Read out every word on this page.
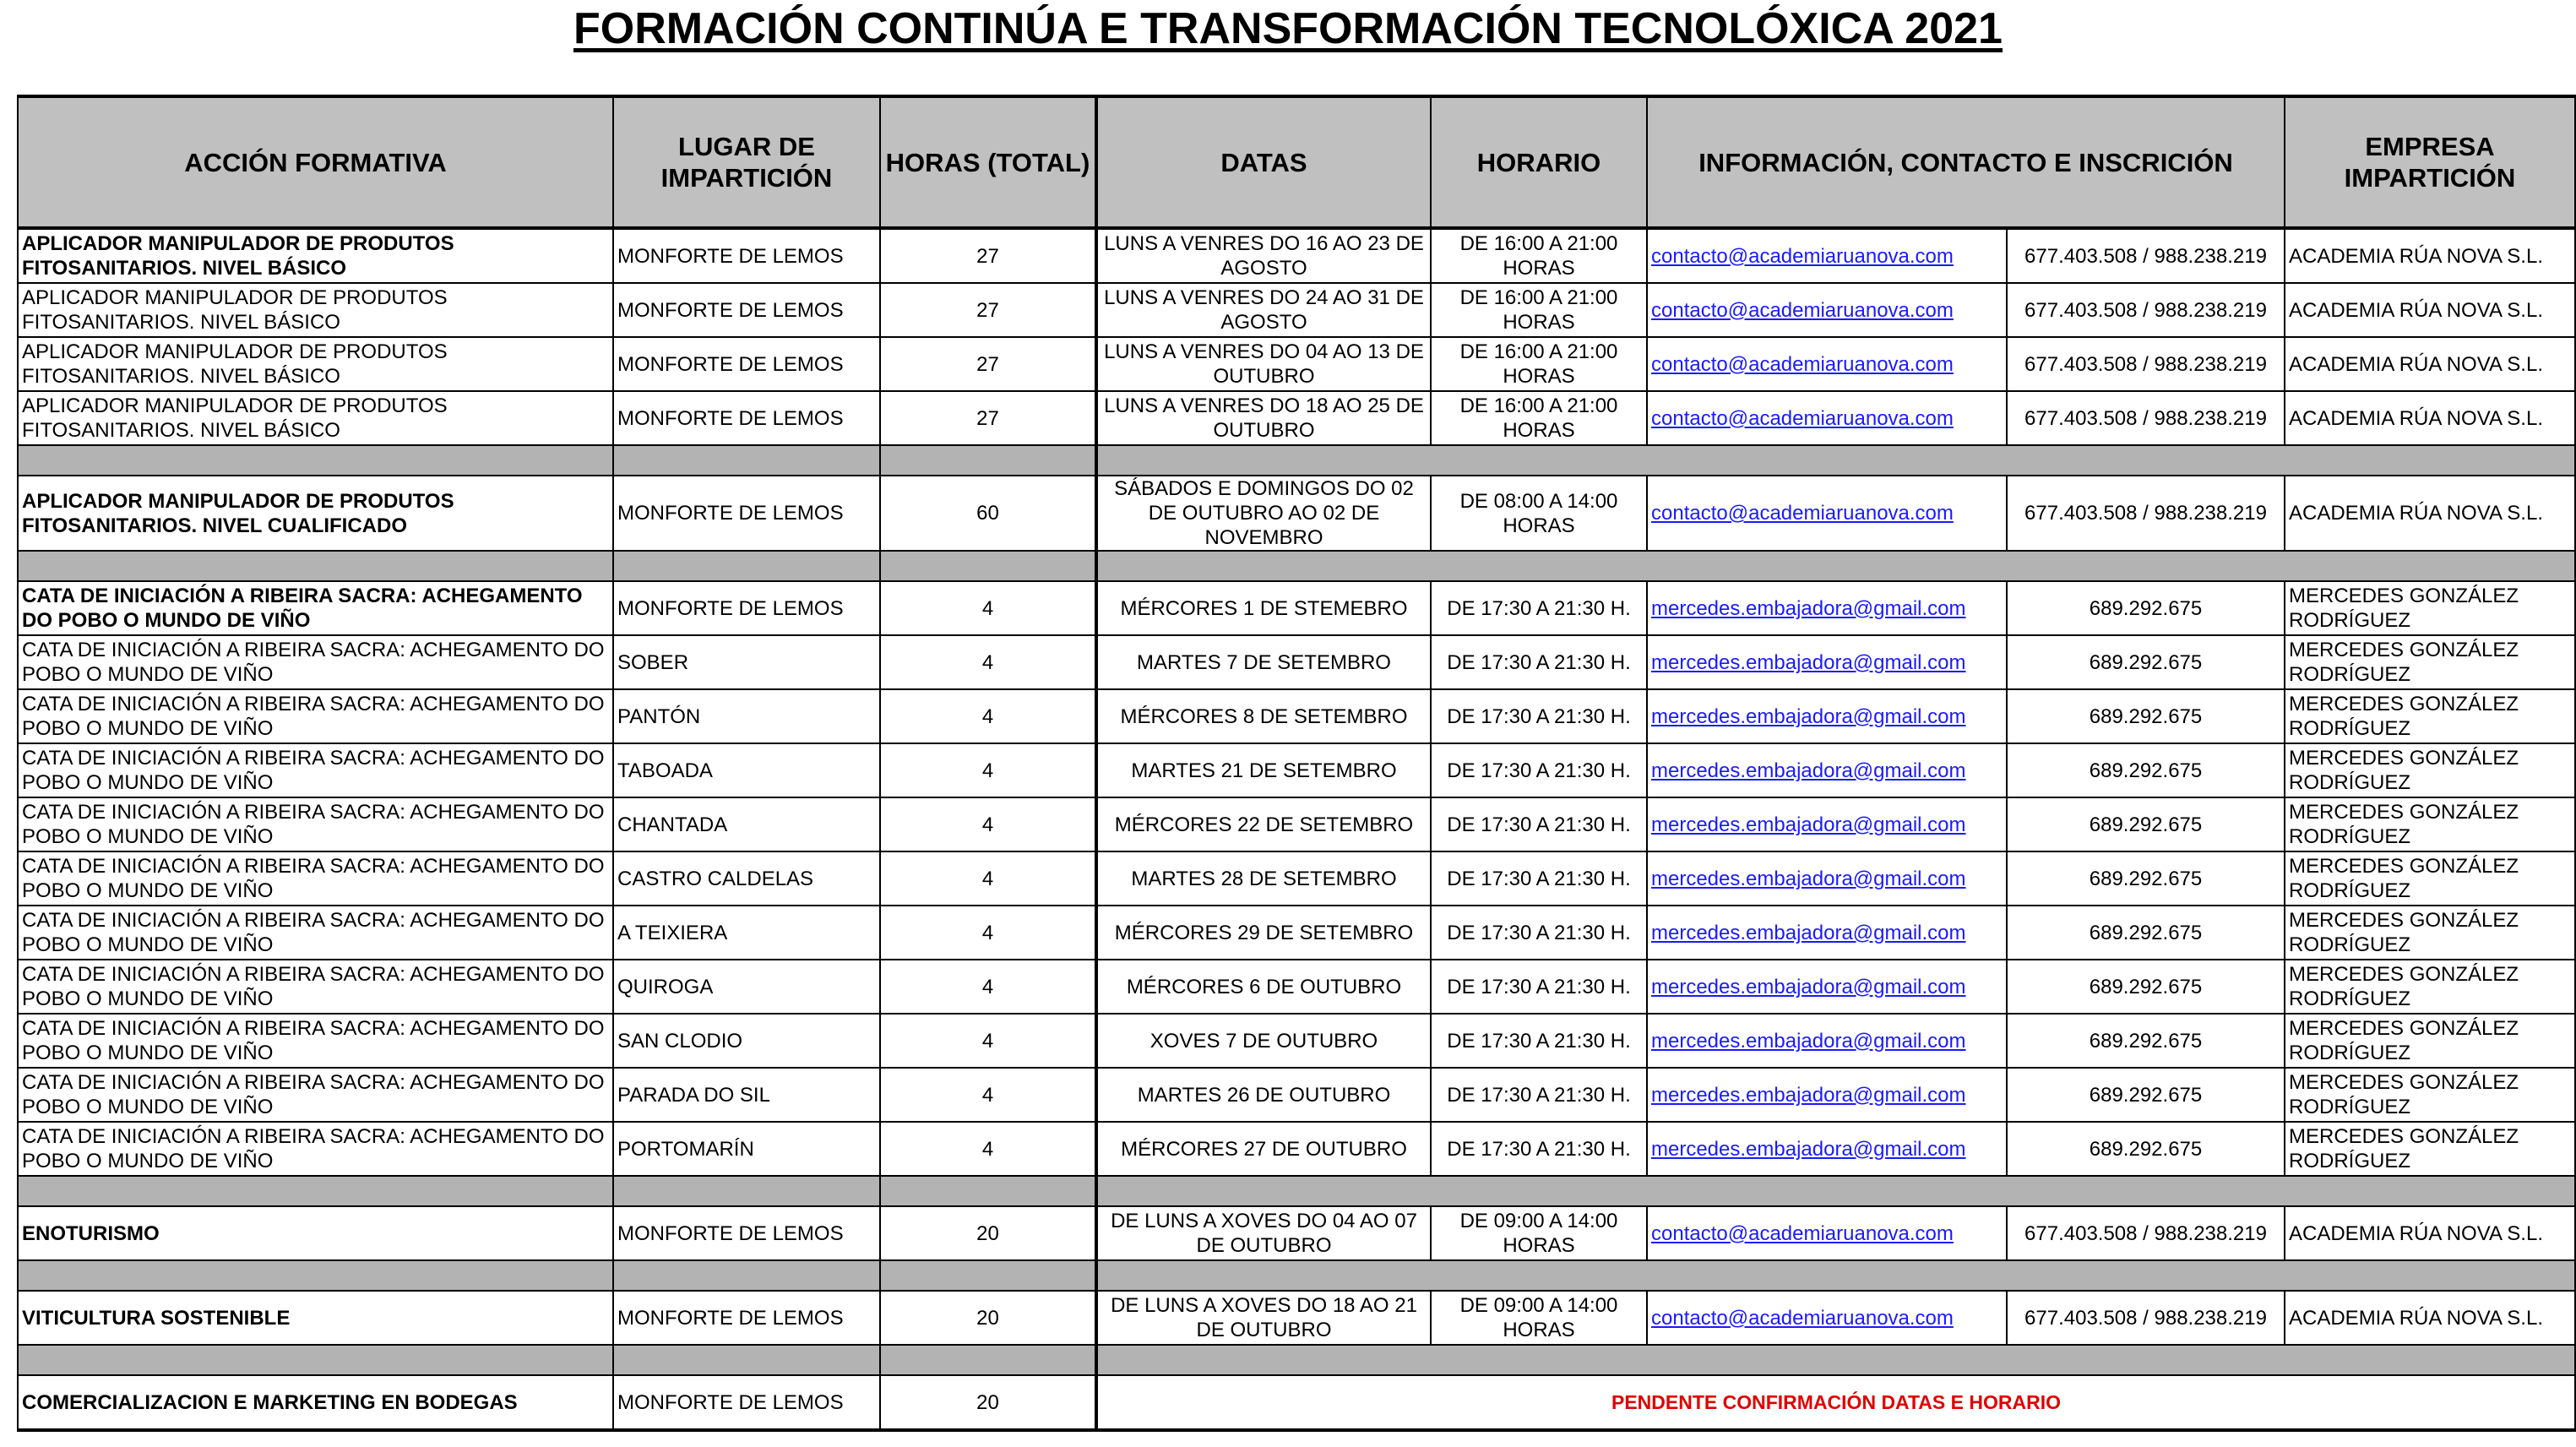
FORMACIÓN CONTINÚA E TRANSFORMACIÓN TECNOLÓXICA 2021
ACCIÓN FORMATIVA	LUGAR DE IMPARTICIÓN	HORAS (TOTAL)	DATAS	HORARIO	INFORMACIÓN, CONTACTO E INSCRICIÓN		EMPRESA IMPARTICIÓN
APLICADOR MANIPULADOR DE PRODUTOS FITOSANITARIOS. NIVEL BÁSICO	MONFORTE DE LEMOS	27	LUNS A VENRES DO 16 AO 23 DE AGOSTO	DE 16:00 A 21:00 HORAS	contacto@academiaruanova.com	677.403.508 / 988.238.219	ACADEMIA RÚA NOVA S.L.
APLICADOR MANIPULADOR DE PRODUTOS FITOSANITARIOS. NIVEL BÁSICO	MONFORTE DE LEMOS	27	LUNS A VENRES DO 24 AO 31 DE AGOSTO	DE 16:00 A 21:00 HORAS	contacto@academiaruanova.com	677.403.508 / 988.238.219	ACADEMIA RÚA NOVA S.L.
APLICADOR MANIPULADOR DE PRODUTOS FITOSANITARIOS. NIVEL BÁSICO	MONFORTE DE LEMOS	27	LUNS A VENRES DO 04 AO 13 DE OUTUBRO	DE 16:00 A 21:00 HORAS	contacto@academiaruanova.com	677.403.508 / 988.238.219	ACADEMIA RÚA NOVA S.L.
APLICADOR MANIPULADOR DE PRODUTOS FITOSANITARIOS. NIVEL BÁSICO	MONFORTE DE LEMOS	27	LUNS A VENRES DO 18 AO 25 DE OUTUBRO	DE 16:00 A 21:00 HORAS	contacto@academiaruanova.com	677.403.508 / 988.238.219	ACADEMIA RÚA NOVA S.L.

APLICADOR MANIPULADOR DE PRODUTOS FITOSANITARIOS. NIVEL CUALIFICADO	MONFORTE DE LEMOS	60	SÁBADOS E DOMINGOS DO 02 DE OUTUBRO AO 02 DE NOVEMBRO	DE 08:00 A 14:00 HORAS	contacto@academiaruanova.com	677.403.508 / 988.238.219	ACADEMIA RÚA NOVA S.L.

CATA DE INICIACIÓN A RIBEIRA SACRA: ACHEGAMENTO DO POBO O MUNDO DE VIÑO	MONFORTE DE LEMOS	4	MÉRCORES 1 DE STEMEBRO	DE 17:30 A 21:30 H.	mercedes.embajadora@gmail.com	689.292.675	MERCEDES GONZÁLEZ RODRÍGUEZ
CATA DE INICIACIÓN A RIBEIRA SACRA: ACHEGAMENTO DO POBO O MUNDO DE VIÑO	SOBER	4	MARTES 7 DE SETEMBRO	DE 17:30 A 21:30 H.	mercedes.embajadora@gmail.com	689.292.675	MERCEDES GONZÁLEZ RODRÍGUEZ
CATA DE INICIACIÓN A RIBEIRA SACRA: ACHEGAMENTO DO POBO O MUNDO DE VIÑO	PANTÓN	4	MÉRCORES 8 DE SETEMBRO	DE 17:30 A 21:30 H.	mercedes.embajadora@gmail.com	689.292.675	MERCEDES GONZÁLEZ RODRÍGUEZ
CATA DE INICIACIÓN A RIBEIRA SACRA: ACHEGAMENTO DO POBO O MUNDO DE VIÑO	TABOADA	4	MARTES 21 DE SETEMBRO	DE 17:30 A 21:30 H.	mercedes.embajadora@gmail.com	689.292.675	MERCEDES GONZÁLEZ RODRÍGUEZ
CATA DE INICIACIÓN A RIBEIRA SACRA: ACHEGAMENTO DO POBO O MUNDO DE VIÑO	CHANTADA	4	MÉRCORES 22 DE SETEMBRO	DE 17:30 A 21:30 H.	mercedes.embajadora@gmail.com	689.292.675	MERCEDES GONZÁLEZ RODRÍGUEZ
CATA DE INICIACIÓN A RIBEIRA SACRA: ACHEGAMENTO DO POBO O MUNDO DE VIÑO	CASTRO CALDELAS	4	MARTES 28 DE SETEMBRO	DE 17:30 A 21:30 H.	mercedes.embajadora@gmail.com	689.292.675	MERCEDES GONZÁLEZ RODRÍGUEZ
CATA DE INICIACIÓN A RIBEIRA SACRA: ACHEGAMENTO DO POBO O MUNDO DE VIÑO	A TEIXIERA	4	MÉRCORES 29 DE SETEMBRO	DE 17:30 A 21:30 H.	mercedes.embajadora@gmail.com	689.292.675	MERCEDES GONZÁLEZ RODRÍGUEZ
CATA DE INICIACIÓN A RIBEIRA SACRA: ACHEGAMENTO DO POBO O MUNDO DE VIÑO	QUIROGA	4	MÉRCORES 6 DE OUTUBRO	DE 17:30 A 21:30 H.	mercedes.embajadora@gmail.com	689.292.675	MERCEDES GONZÁLEZ RODRÍGUEZ
CATA DE INICIACIÓN A RIBEIRA SACRA: ACHEGAMENTO DO POBO O MUNDO DE VIÑO	SAN CLODIO	4	XOVES 7 DE OUTUBRO	DE 17:30 A 21:30 H.	mercedes.embajadora@gmail.com	689.292.675	MERCEDES GONZÁLEZ RODRÍGUEZ
CATA DE INICIACIÓN A RIBEIRA SACRA: ACHEGAMENTO DO POBO O MUNDO DE VIÑO	PARADA DO SIL	4	MARTES 26 DE OUTUBRO	DE 17:30 A 21:30 H.	mercedes.embajadora@gmail.com	689.292.675	MERCEDES GONZÁLEZ RODRÍGUEZ
CATA DE INICIACIÓN A RIBEIRA SACRA: ACHEGAMENTO DO POBO O MUNDO DE VIÑO	PORTOMARÍN	4	MÉRCORES 27 DE OUTUBRO	DE 17:30 A 21:30 H.	mercedes.embajadora@gmail.com	689.292.675	MERCEDES GONZÁLEZ RODRÍGUEZ

ENOTURISMO	MONFORTE DE LEMOS	20	DE LUNS A XOVES DO 04 AO 07 DE OUTUBRO	DE 09:00 A 14:00 HORAS	contacto@academiaruanova.com	677.403.508 / 988.238.219	ACADEMIA RÚA NOVA S.L.

VITICULTURA SOSTENIBLE	MONFORTE DE LEMOS	20	DE LUNS A XOVES DO 18 AO 21 DE OUTUBRO	DE 09:00 A 14:00 HORAS	contacto@academiaruanova.com	677.403.508 / 988.238.219	ACADEMIA RÚA NOVA S.L.

COMERCIALIZACION E MARKETING EN BODEGAS	MONFORTE DE LEMOS	20	PENDENTE CONFIRMACIÓN DATAS E HORARIO				
